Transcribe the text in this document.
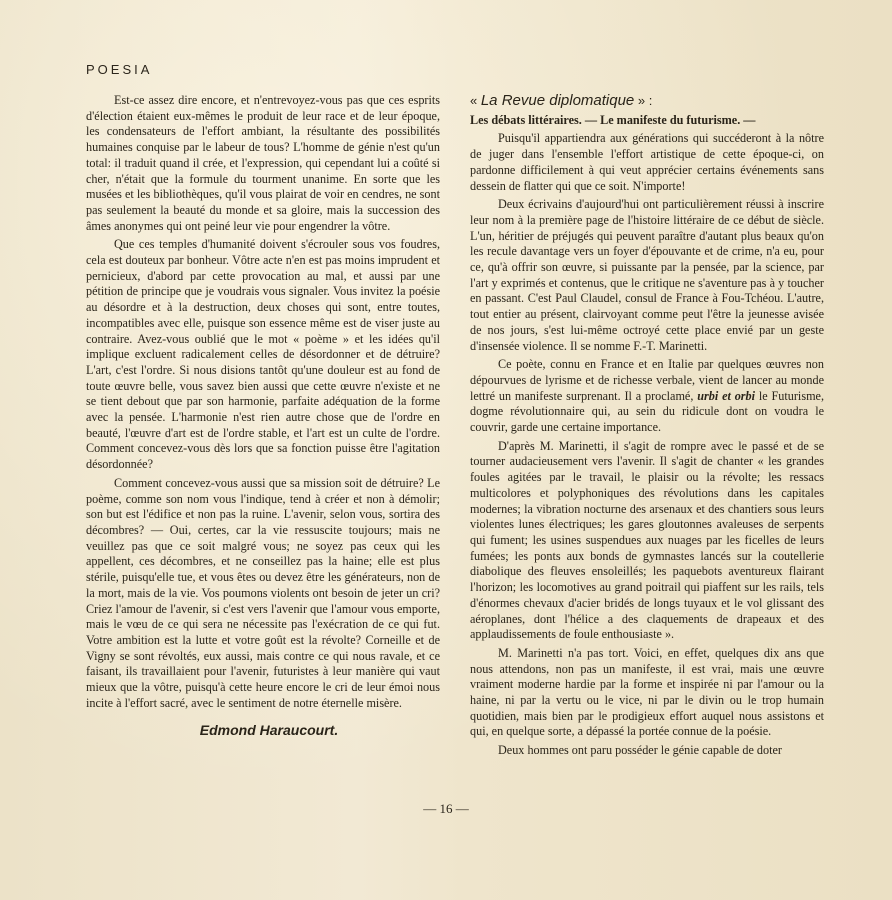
POESIA

Est-ce assez dire encore, et n'entrevoyez-vous pas que ces esprits d'élection étaient eux-mêmes le produit de leur race et de leur époque, les condensateurs de l'effort ambiant, la résultante des possibilités humaines conquise par le labeur de tous? L'homme de génie n'est qu'un total: il traduit quand il crée, et l'expression, qui cependant lui a coûté si cher, n'était que la formule du tourment unanime. En sorte que les musées et les bibliothèques, qu'il vous plairat de voir en cendres, ne sont pas seulement la beauté du monde et sa gloire, mais la succession des âmes anonymes qui ont peiné leur vie pour engendrer la vôtre.

Que ces temples d'humanité doivent s'écrouler sous vos foudres, cela est douteux par bonheur. Vôtre acte n'en est pas moins imprudent et pernicieux, d'abord par cette provocation au mal, et aussi par une pétition de principe que je voudrais vous signaler. Vous invitez la poésie au désordre et à la destruction, deux choses qui sont, entre toutes, incompatibles avec elle, puisque son essence même est de viser juste au contraire. Avez-vous oublié que le mot « poème » et les idées qu'il implique excluent radicalement celles de désordonner et de détruire? L'art, c'est l'ordre. Si nous disions tantôt qu'une douleur est au fond de toute œuvre belle, vous savez bien aussi que cette œuvre n'existe et ne se tient debout que par son harmonie, parfaite adéquation de la forme avec la pensée. L'harmonie n'est rien autre chose que de l'ordre en beauté, l'œuvre d'art est de l'ordre stable, et l'art est un culte de l'ordre. Comment concevez-vous dès lors que sa fonction puisse être l'agitation désordonnée?

Comment concevez-vous aussi que sa mission soit de détruire? Le poème, comme son nom vous l'indique, tend à créer et non à démolir; son but est l'édifice et non pas la ruine. L'avenir, selon vous, sortira des décombres? — Oui, certes, car la vie ressuscite toujours; mais ne veuillez pas que ce soit malgré vous; ne soyez pas ceux qui les appellent, ces décombres, et ne conseillez pas la haine; elle est plus stérile, puisqu'elle tue, et vous êtes ou devez être les générateurs, non de la mort, mais de la vie. Vos poumons violents ont besoin de jeter un cri? Criez l'amour de l'avenir, si c'est vers l'avenir que l'amour vous emporte, mais le vœu de ce qui sera ne nécessite pas l'exécration de ce qui fut. Votre ambition est la lutte et votre goût est la révolte? Corneille et de Vigny se sont révoltés, eux aussi, mais contre ce qui nous ravale, et ce faisant, ils travaillaient pour l'avenir, futuristes à leur manière qui vaut mieux que la vôtre, puisqu'à cette heure encore le cri de leur émoi nous incite à l'effort sacré, avec le sentiment de notre éternelle misère.

Edmond Haraucourt.
« La Revue diplomatique » :

Les débats littéraires. — Le manifeste du futurisme. —

Puisqu'il appartiendra aux générations qui succéderont à la nôtre de juger dans l'ensemble l'effort artistique de cette époque-ci, on pardonne difficilement à qui veut apprécier certains événements sans dessein de flatter qui que ce soit. N'importe!

Deux écrivains d'aujourd'hui ont particulièrement réussi à inscrire leur nom à la première page de l'histoire littéraire de ce début de siècle. L'un, héritier de préjugés qui peuvent paraître d'autant plus beaux qu'on les recule davantage vers un foyer d'épouvante et de crime, n'a eu, pour ce, qu'à offrir son œuvre, si puissante par la pensée, par la science, par l'art y exprimés et contenus, que le critique ne s'aventure pas à y toucher en passant. C'est Paul Claudel, consul de France à Fou-Tchéou. L'autre, tout entier au présent, clairvoyant comme peut l'être la jeunesse avisée de nos jours, s'est lui-même octroyé cette place envié par un geste d'insensée violence. Il se nomme F.-T. Marinetti.

Ce poète, connu en France et en Italie par quelques œuvres non dépourvues de lyrisme et de richesse verbale, vient de lancer au monde lettré un manifeste surprenant. Il a proclamé, urbi et orbi le Futurisme, dogme révolutionnaire qui, au sein du ridicule dont on voudra le couvrir, garde une certaine importance.

D'après M. Marinetti, il s'agit de rompre avec le passé et de se tourner audacieusement vers l'avenir. Il s'agit de chanter « les grandes foules agitées par le travail, le plaisir ou la révolte; les ressacs multicolores et polyphoniques des révolutions dans les capitales modernes; la vibration nocturne des arsenaux et des chantiers sous leurs violentes lunes électriques; les gares gloutonnes avaleuses de serpents qui fument; les usines suspendues aux nuages par les ficelles de leurs fumées; les ponts aux bonds de gymnastes lancés sur la coutellerie diabolique des fleuves ensoleillés; les paquebots aventureux flairant l'horizon; les locomotives au grand poitrail qui piaffent sur les rails, tels d'énormes chevaux d'acier bridés de longs tuyaux et le vol glissant des aéroplanes, dont l'hélice a des claquements de drapeaux et des applaudissements de foule enthousiaste ».

M. Marinetti n'a pas tort. Voici, en effet, quelques dix ans que nous attendons, non pas un manifeste, il est vrai, mais une œuvre vraiment moderne hardie par la forme et inspirée ni par l'amour ou la haine, ni par la vertu ou le vice, ni par le divin ou le trop humain quotidien, mais bien par le prodigieux effort auquel nous assistons et qui, en quelque sorte, a dépassé la portée connue de la poésie.

Deux hommes ont paru posséder le génie capable de doter

— 16 —
